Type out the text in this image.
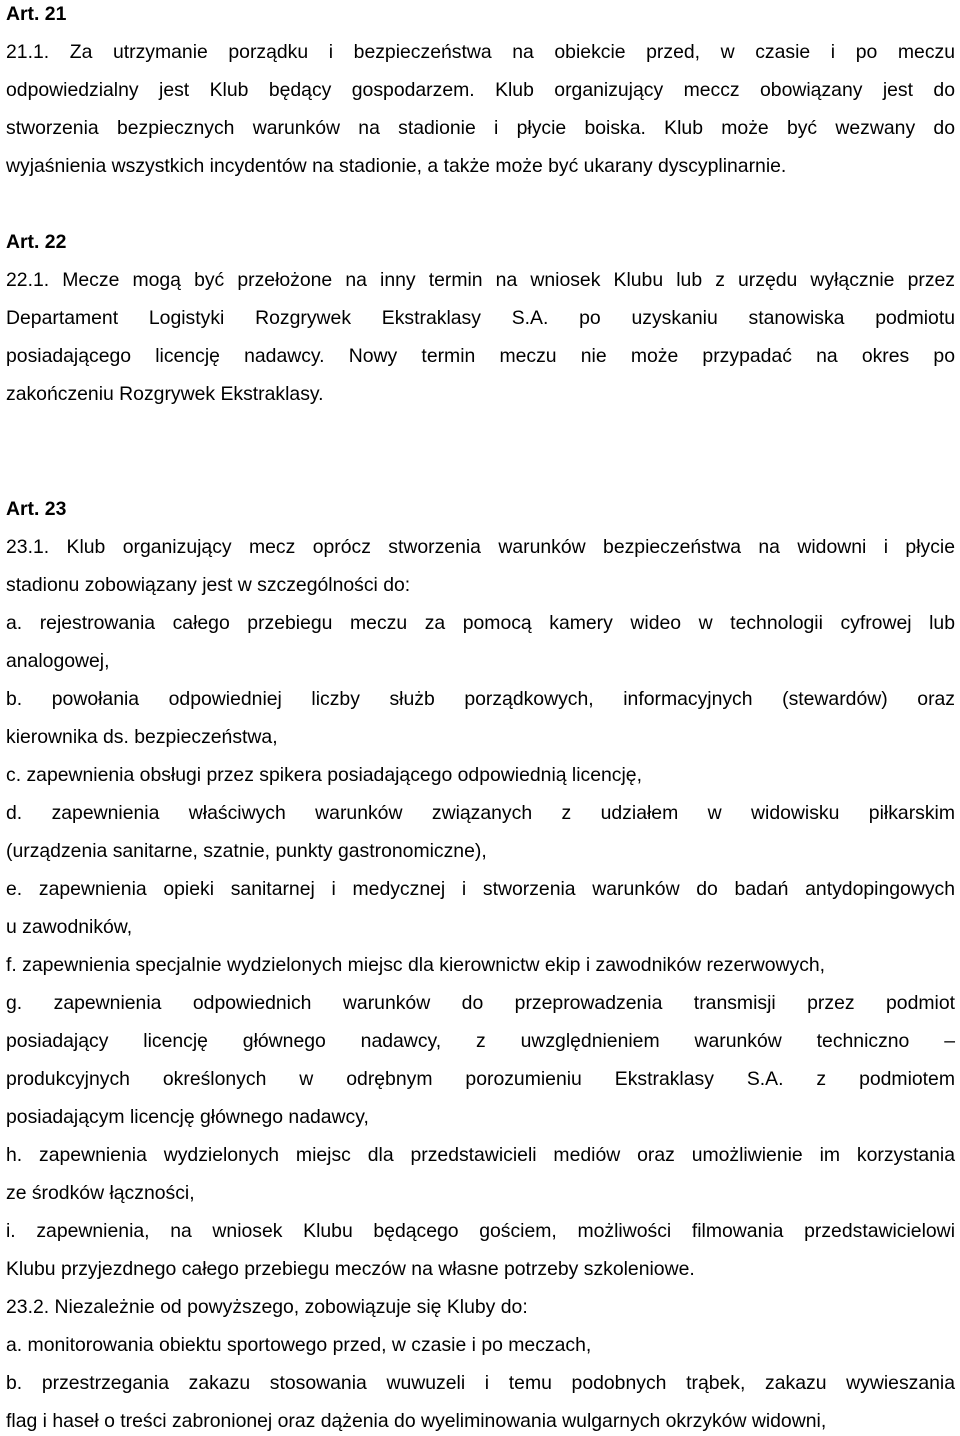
Art. 21

21.1. Za utrzymanie porządku i bezpieczeństwa na obiekcie przed, w czasie i po meczu

odpowiedzialny jest Klub będący gospodarzem. Klub organizujący meccz obowiązany jest do

stworzenia bezpiecznych warunków na stadionie i płycie boiska. Klub może być wezwany do

wyjaśnienia wszystkich incydentów na stadionie, a także może być ukarany dyscyplinarnie.

Art. 22

22.1. Mecze mogą być przełożone na inny termin na wniosek Klubu lub z urzędu wyłącznie przez

Departament Logistyki Rozgrywek Ekstraklasy S.A. po uzyskaniu stanowiska podmiotu

posiadającego licencję nadawcy. Nowy termin meczu nie może przypadać na okres po

zakończeniu Rozgrywek Ekstraklasy.

Art. 23

23.1. Klub organizujący mecz oprócz stworzenia warunków bezpieczeństwa na widowni i płycie

stadionu zobowiązany jest w szczególności do:

a. rejestrowania całego przebiegu meczu za pomocą kamery wideo w technologii cyfrowej lub

analogowej,

b. powołania odpowiedniej liczby służb porządkowych, informacyjnych (stewardów) oraz

kierownika ds. bezpieczeństwa,

c. zapewnienia obsługi przez spikera posiadającego odpowiednią licencję,

d. zapewnienia właściwych warunków związanych z udziałem w widowisku piłkarskim

(urządzenia sanitarne, szatnie, punkty gastronomiczne),

e. zapewnienia opieki sanitarnej i medycznej i stworzenia warunków do badań antydopingowych

u zawodników,

f. zapewnienia specjalnie wydzielonych miejsc dla kierownictw ekip i zawodników rezerwowych,

g. zapewnienia odpowiednich warunków do przeprowadzenia transmisji przez podmiot

posiadający licencję głównego nadawcy, z uwzględnieniem warunków techniczno –

produkcyjnych określonych w odrębnym porozumieniu Ekstraklasy S.A. z podmiotem

posiadającym licencję głównego nadawcy,

h. zapewnienia wydzielonych miejsc dla przedstawicieli mediów oraz umożliwienie im korzystania

ze środków łączności,

i. zapewnienia, na wniosek Klubu będącego gościem, możliwości filmowania przedstawicielowi

Klubu przyjezdnego całego przebiegu meczów na własne potrzeby szkoleniowe.

23.2. Niezależnie od powyższego, zobowiązuje się Kluby do:

a. monitorowania obiektu sportowego przed, w czasie i po meczach,

b. przestrzegania zakazu stosowania wuwuzeli i temu podobnych trąbek, zakazu wywieszania

flag i haseł o treści zabronionej oraz dążenia do wyeliminowania wulgarnych okrzyków widowni,
